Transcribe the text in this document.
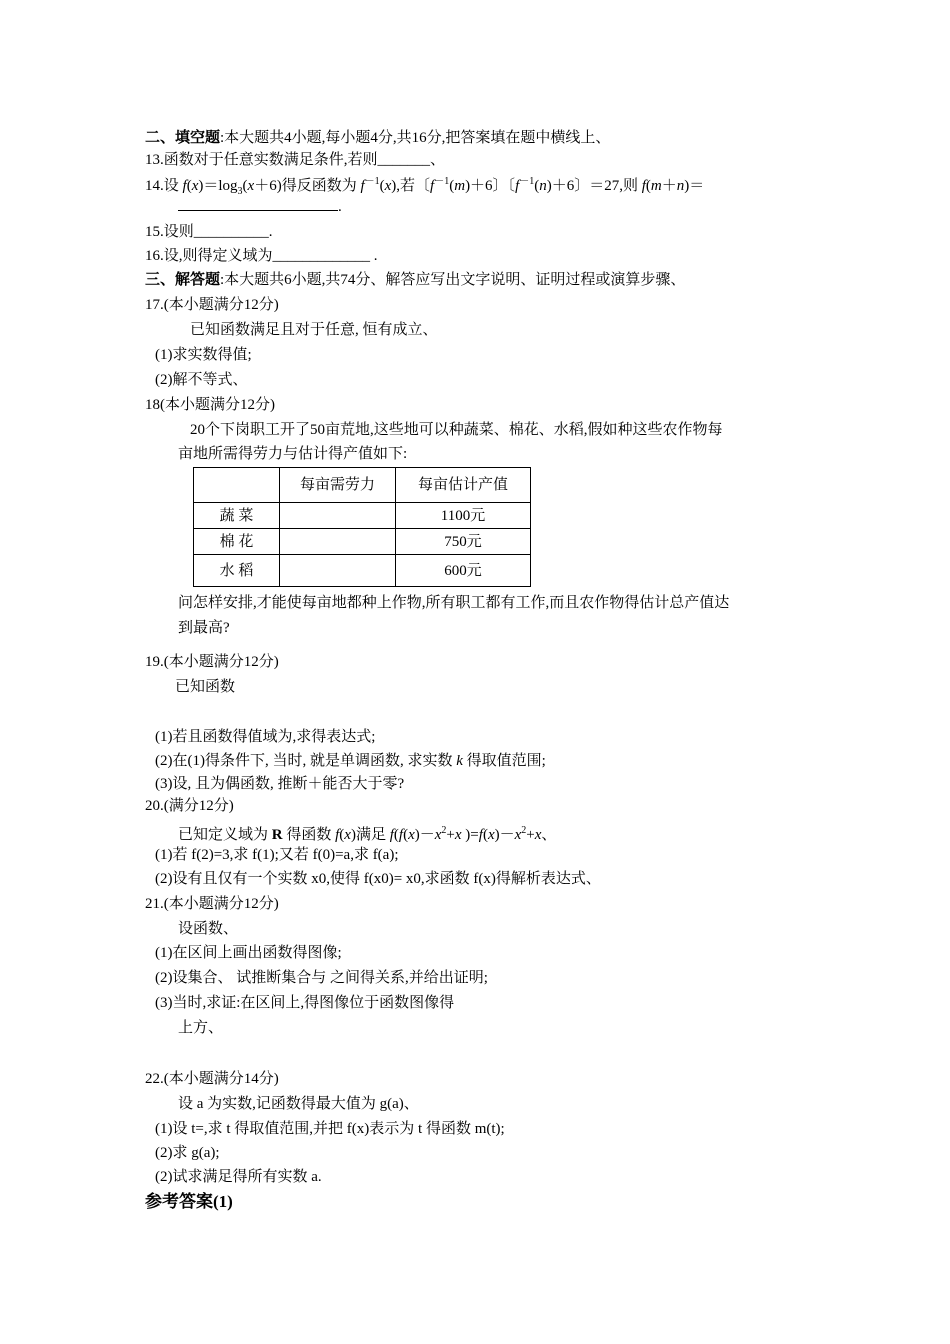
二、填空题:本大题共4小题,每小题4分,共16分,把答案填在题中横线上、
13.函数对于任意实数满足条件,若则_______、
14.设 $f(x)=\log_3(x+6)$得反函数为 $f^{-1}(x)$,若〔$f^{-1}(m)+6$〕〔$f^{-1}(n)+6$〕＝27,则 f(m＋n)＝
.
15.设则__________.
16.设,则得定义域为_____________ .
三、解答题:本大题共6小题,共74分、解答应写出文字说明、证明过程或演算步骤、
17.(本小题满分12分)
已知函数满足且对于任意, 恒有成立、
(1)求实数得值;
(2)解不等式、
18(本小题满分12分)
20个下岗职工开了50亩荒地,这些地可以种蔬菜、棉花、水稻,假如种这些农作物每
亩地所需得劳力与估计得产值如下:
	每亩需劳力	每亩估计产值
蔬 菜		1100元
棉 花		750元
水 稻		600元
问怎样安排,才能使每亩地都种上作物,所有职工都有工作,而且农作物得估计总产值达
到最高?
19.(本小题满分12分)
已知函数
(1)若且函数得值域为,求得表达式;
(2)在(1)得条件下, 当时, 就是单调函数, 求实数 k 得取值范围;
(3)设, 且为偶函数, 推断＋能否大于零?
20.(满分12分)
已知定义域为 R 得函数 f(x)满足 $f(f(x)-x^2+x$ )$=f(x)-x^2+x$、
(1)若 f(2)=3,求 f(1);又若 f(0)=a,求 f(a);
(2)设有且仅有一个实数 x0,使得 f(x0)= x0,求函数 f(x)得解析表达式、
21.(本小题满分12分)
设函数、
(1)在区间上画出函数得图像;
(2)设集合、 试推断集合与 之间得关系,并给出证明;
(3)当时,求证:在区间上,得图像位于函数图像得
上方、
22.(本小题满分14分)
设 a 为实数,记函数得最大值为 g(a)、
(1)设 t=,求 t 得取值范围,并把 f(x)表示为 t 得函数 m(t);
(2)求 g(a);
(2)试求满足得所有实数 a.
参考答案(1)
